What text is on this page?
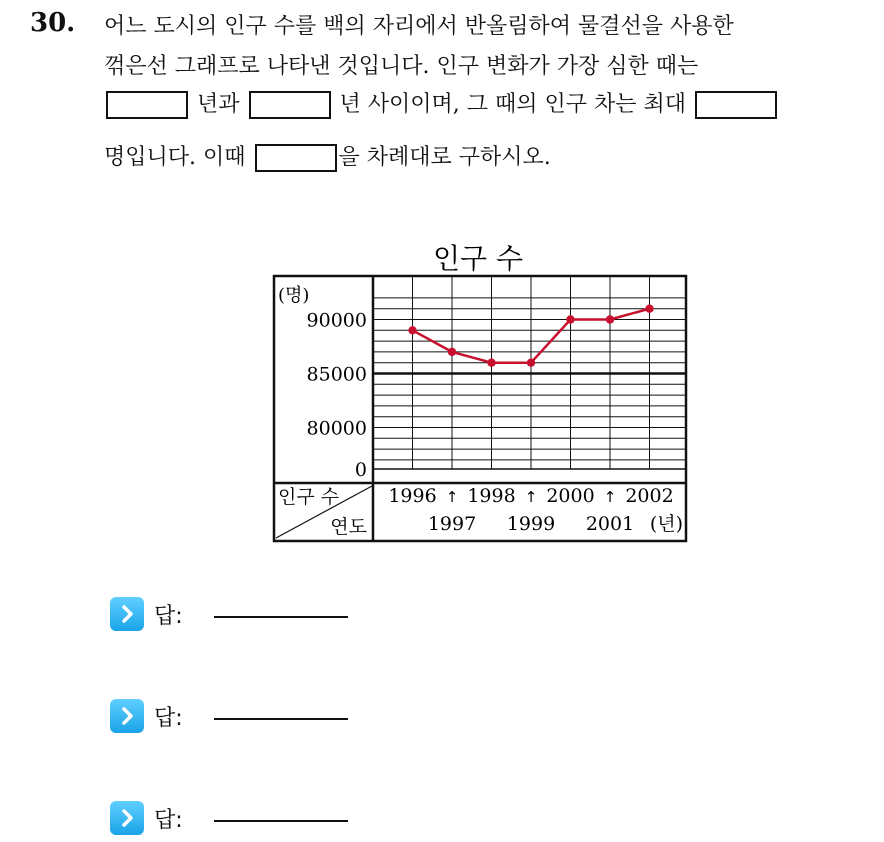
30. 어느 도시의 인구 수를 백의 자리에서 반올림하여 물결선을 사용한
꺾은선 그래프로 나타낸 것입니다. 인구 변화가 가장 심한 때는
년과	년 사이이며, 그 때의 인구 차는 최대
명입니다. 이때	을 차례대로 구하시오.
인구 수
(명)
90000
85000
80000
0
인구 수
연도
1996
1997
↑ 1998
1999
↑ 2000
2001
↑ 2002
(년)
답:
답:
답:
